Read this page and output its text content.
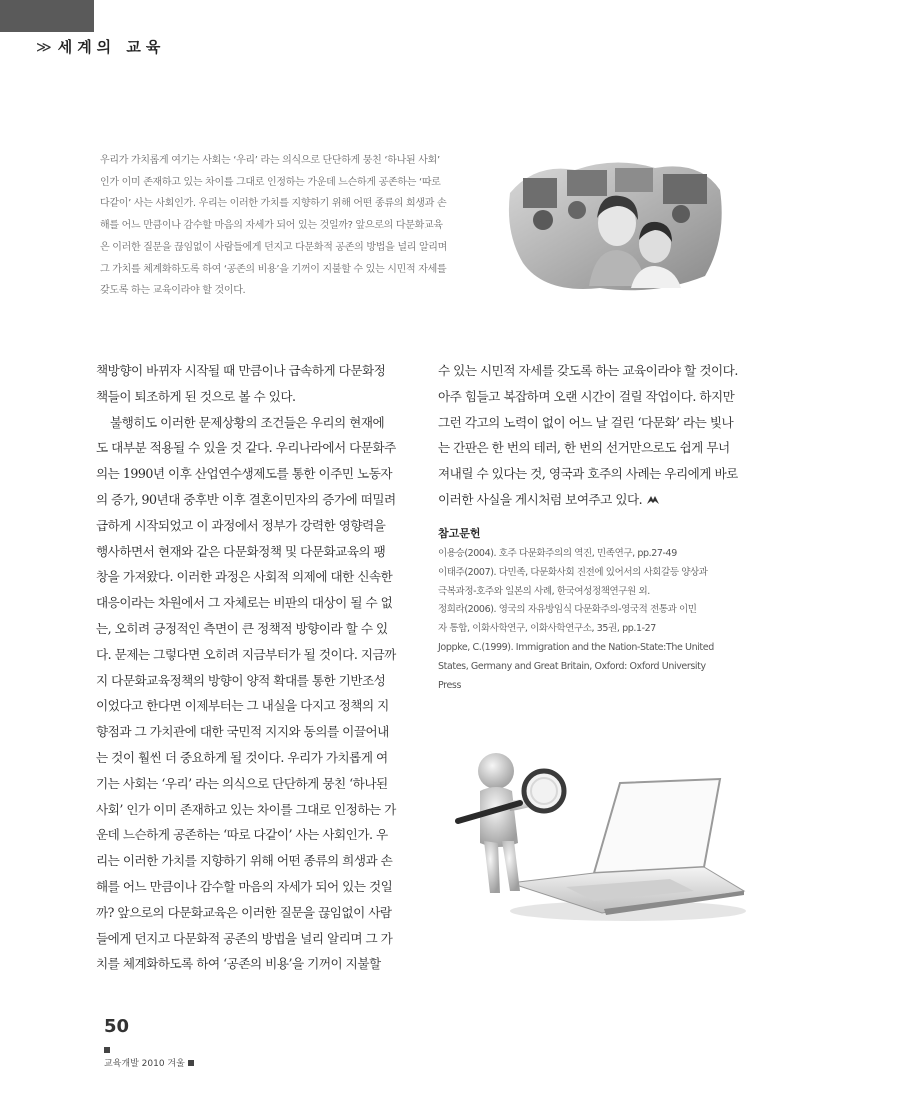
≫ 세계의 교육

우리가 가치롭게 여기는 사회는 ‘우리’ 라는 의식으로 단단하게 뭉친 ‘하나된 사회’

인가 이미 존재하고 있는 차이를 그대로 인정하는 가운데 느슨하게 공존하는 ‘따로

다같이’ 사는 사회인가. 우리는 이러한 가치를 지향하기 위해 어떤 종류의 희생과 손

해를 어느 만큼이나 감수할 마음의 자세가 되어 있는 것일까? 앞으로의 다문화교육

은 이러한 질문을 끊임없이 사람들에게 던지고 다문화적 공존의 방법을 널리 알리며

그 가치를 체계화하도록 하여 ‘공존의 비용’을 기꺼이 지불할 수 있는 시민적 자세를

갖도록 하는 교육이라야 할 것이다.

책방향이 바뀌자 시작될 때 만큼이나 급속하게 다문화정
책들이 퇴조하게 된 것으로 볼 수 있다.
불행히도 이러한 문제상황의 조건들은 우리의 현재에
도 대부분 적용될 수 있을 것 같다. 우리나라에서 다문화주
의는 1990년 이후 산업연수생제도를 통한 이주민 노동자
의 증가, 90년대 중후반 이후 결혼이민자의 증가에 떠밀려
급하게 시작되었고 이 과정에서 정부가 강력한 영향력을
행사하면서 현재와 같은 다문화정책 및 다문화교육의 팽
창을 가져왔다. 이러한 과정은 사회적 의제에 대한 신속한
대응이라는 차원에서 그 자체로는 비판의 대상이 될 수 없
는, 오히려 긍정적인 측면이 큰 정책적 방향이라 할 수 있
다. 문제는 그렇다면 오히려 지금부터가 될 것이다. 지금까
지 다문화교육정책의 방향이 양적 확대를 통한 기반조성
이었다고 한다면 이제부터는 그 내실을 다지고 정책의 지
향점과 그 가치관에 대한 국민적 지지와 동의를 이끌어내
는 것이 훨씬 더 중요하게 될 것이다. 우리가 가치롭게 여
기는 사회는 ‘우리’ 라는 의식으로 단단하게 뭉친 ‘하나된
사회’ 인가 이미 존재하고 있는 차이를 그대로 인정하는 가
운데 느슨하게 공존하는 ‘따로 다같이’ 사는 사회인가. 우
리는 이러한 가치를 지향하기 위해 어떤 종류의 희생과 손
해를 어느 만큼이나 감수할 마음의 자세가 되어 있는 것일
까? 앞으로의 다문화교육은 이러한 질문을 끊임없이 사람
들에게 던지고 다문화적 공존의 방법을 널리 알리며 그 가
치를 체계화하도록 하여 ‘공존의 비용’을 기꺼이 지불할
수 있는 시민적 자세를 갖도록 하는 교육이라야 할 것이다.
아주 힘들고 복잡하며 오랜 시간이 걸릴 작업이다. 하지만
그런 각고의 노력이 없이 어느 날 걸린 ‘다문화’ 라는 빛나
는 간판은 한 번의 테러, 한 번의 선거만으로도 쉽게 무너
져내릴 수 있다는 것, 영국과 호주의 사례는 우리에게 바로
이러한 사실을 게시처럼 보여주고 있다.
참고문헌
이용승(2004). 호주 다문화주의의 역진, 민족연구, pp.27-49
이태주(2007). 다민족, 다문화사회 진전에 있어서의 사회갈등 양상과
극복과정-호주와 일본의 사례, 한국여성정책연구원 외.
정희라(2006). 영국의 자유방임식 다문화주의-영국적 전통과 이민
자 통합, 이화사학연구, 이화사학연구소, 35권, pp.1-27
Joppke, C.(1999). Immigration and the Nation-State:The United
States, Germany and Great Britain, Oxford: Oxford University
Press
50

교육개발 2010 겨울
